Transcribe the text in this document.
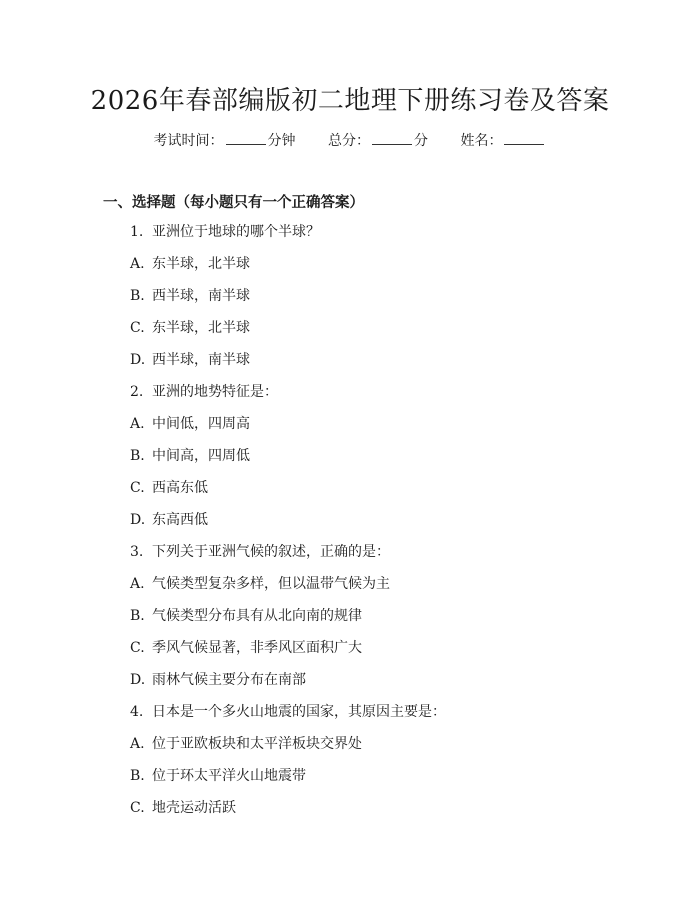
2026年春部编版初二地理下册练习卷及答案
考试时间：	分钟 总分：	分 姓名：
一、选择题（每小题只有一个正确答案）
1. 亚洲位于地球的哪个半球？
A. 东半球，北半球
B. 西半球，南半球
C. 东半球，北半球
D. 西半球，南半球
2. 亚洲的地势特征是：
A. 中间低，四周高
B. 中间高，四周低
C. 西高东低
D. 东高西低
3. 下列关于亚洲气候的叙述，正确的是：
A. 气候类型复杂多样，但以温带气候为主
B. 气候类型分布具有从北向南的规律
C. 季风气候显著，非季风区面积广大
D. 雨林气候主要分布在南部
4. 日本是一个多火山地震的国家，其原因主要是：
A. 位于亚欧板块和太平洋板块交界处
B. 位于环太平洋火山地震带
C. 地壳运动活跃
